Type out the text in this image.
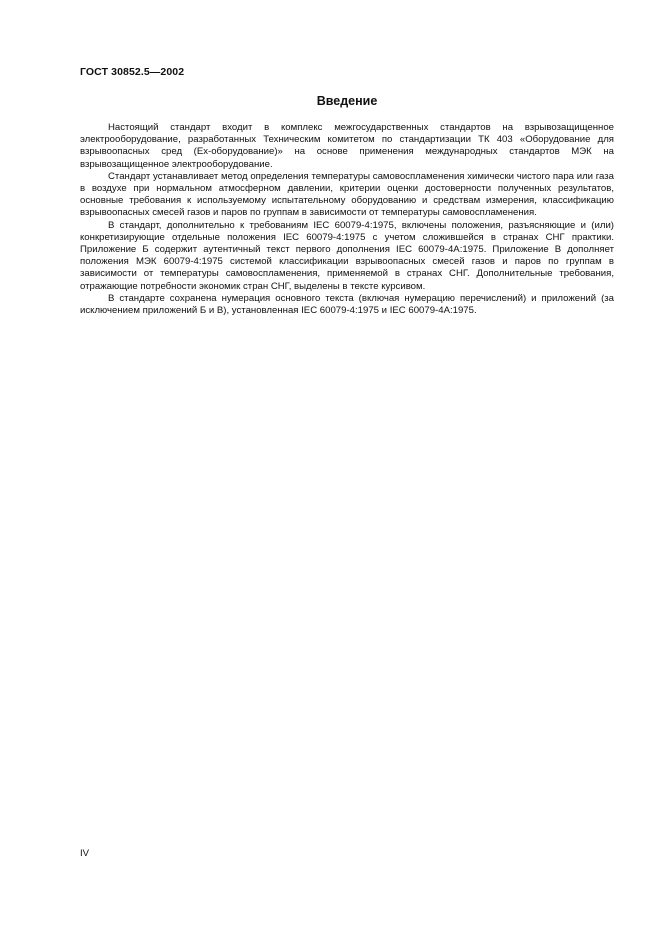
ГОСТ 30852.5—2002
Введение

Настоящий стандарт входит в комплекс межгосударственных стандартов на взрывозащищенное электрооборудование, разработанных Техническим комитетом по стандартизации ТК 403 «Оборудование для взрывоопасных сред (Ех-оборудование)» на основе применения международных стандартов МЭК на взрывозащищенное электрооборудование.

Стандарт устанавливает метод определения температуры самовоспламенения химически чистого пара или газа в воздухе при нормальном атмосферном давлении, критерии оценки достоверности полученных результатов, основные требования к используемому испытательному оборудованию и средствам измерения, классификацию взрывоопасных смесей газов и паров по группам в зависимости от температуры самовоспламенения.

В стандарт, дополнительно к требованиям IEC 60079-4:1975, включены положения, разъясняющие и (или) конкретизирующие отдельные положения IEC 60079-4:1975 с учетом сложившейся в странах СНГ практики. Приложение Б содержит аутентичный текст первого дополнения IEC 60079-4A:1975. Приложение В дополняет положения МЭК 60079-4:1975 системой классификации взрывоопасных смесей газов и паров по группам в зависимости от температуры самовоспламенения, применяемой в странах СНГ. Дополнительные требования, отражающие потребности экономик стран СНГ, выделены в тексте курсивом.

В стандарте сохранена нумерация основного текста (включая нумерацию перечислений) и приложений (за исключением приложений Б и В), установленная IEC 60079-4:1975 и IEC 60079-4A:1975.

IV
